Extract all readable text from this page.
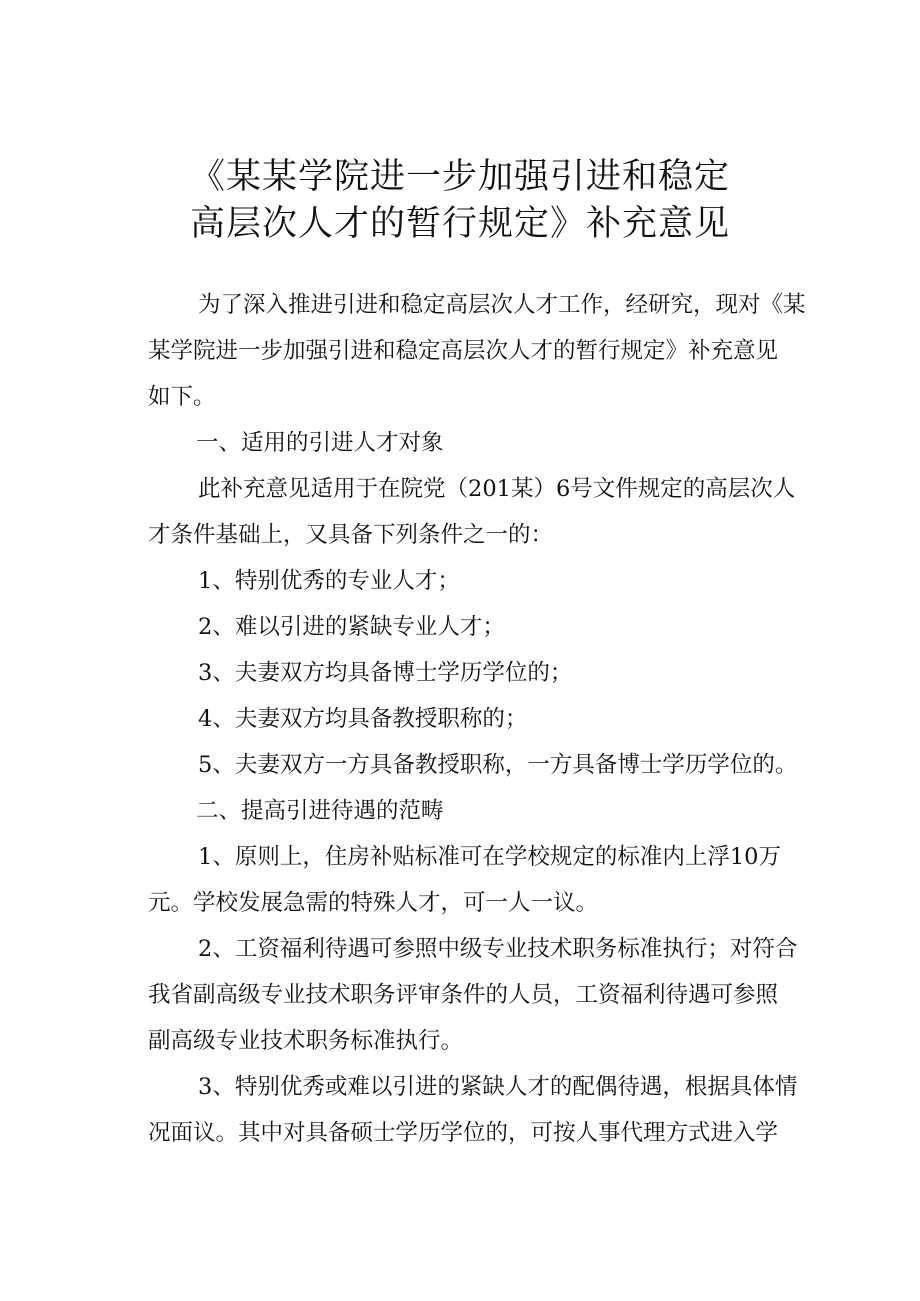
《某某学院进一步加强引进和稳定
高层次人才的暂行规定》补充意见
为了深入推进引进和稳定高层次人才工作，经研究，现对《某
某学院进一步加强引进和稳定高层次人才的暂行规定》补充意见
如下。
一、适用的引进人才对象
此补充意见适用于在院党（201某）6号文件规定的高层次人
才条件基础上，又具备下列条件之一的：
1、特别优秀的专业人才；
2、难以引进的紧缺专业人才；
3、夫妻双方均具备博士学历学位的；
4、夫妻双方均具备教授职称的；
5、夫妻双方一方具备教授职称，一方具备博士学历学位的。
二、提高引进待遇的范畴
1、原则上，住房补贴标准可在学校规定的标准内上浮10万
元。学校发展急需的特殊人才，可一人一议。
2、工资福利待遇可参照中级专业技术职务标准执行；对符合
我省副高级专业技术职务评审条件的人员，工资福利待遇可参照
副高级专业技术职务标准执行。
3、特别优秀或难以引进的紧缺人才的配偶待遇，根据具体情
况面议。其中对具备硕士学历学位的，可按人事代理方式进入学
